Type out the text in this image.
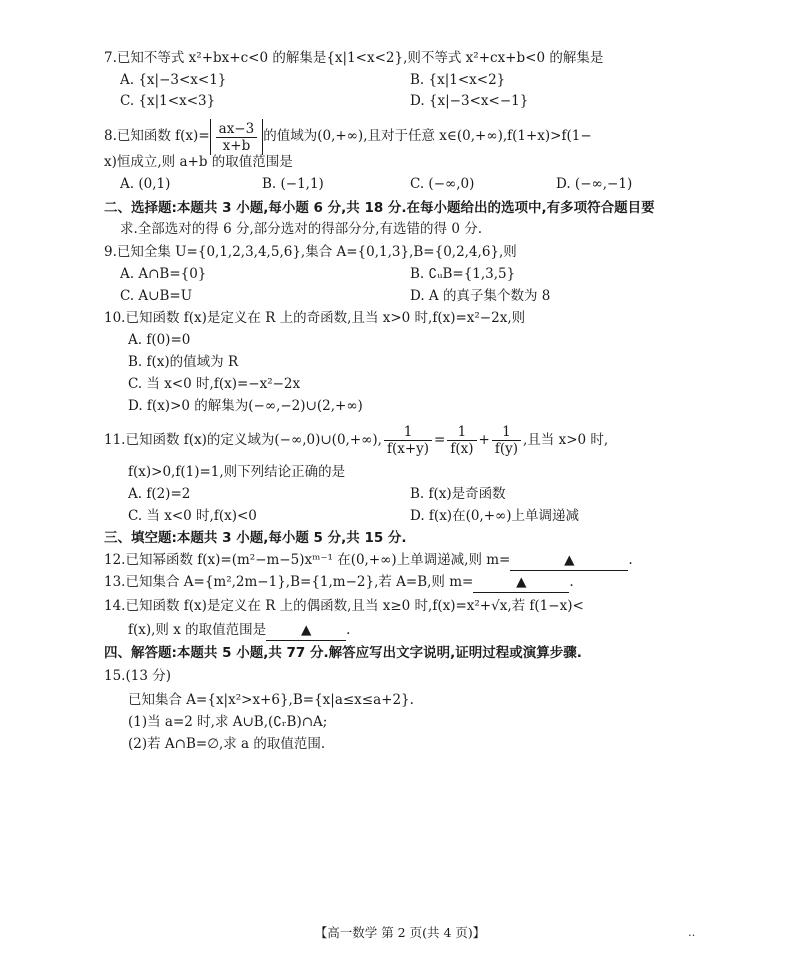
7.已知不等式 x²+bx+c<0 的解集是{x|1<x<2},则不等式 x²+cx+b<0 的解集是
A. {x|−3<x<1}	B. {x|1<x<2}
C. {x|1<x<3}	D. {x|−3<x<−1}
8.已知函数 $f(x)= \frac{ax-3}{x+b}$ 的值域为(0,+∞),且对于任意 x∈(0,+∞),f(1+x)>f(1−
x)恒成立,则 a+b 的取值范围是
A. (0,1)	B. (−1,1)	C. (−∞,0)	D. (−∞,−1)
二、选择题:本题共 3 小题,每小题 6 分,共 18 分.在每小题给出的选项中,有多项符合题目要
求.全部选对的得 6 分,部分选对的得部分分,有选错的得 0 分.
9.已知全集 U={0,1,2,3,4,5,6},集合 A={0,1,3},B={0,2,4,6},则
A. A∩B={0}	B. ∁ᵤB={1,3,5}
C. A∪B=U	D. A 的真子集个数为 8
10.已知函数 f(x)是定义在 R 上的奇函数,且当 x>0 时,f(x)=x²−2x,则
A. f(0)=0
B. f(x)的值域为 R
C. 当 x<0 时,f(x)=−x²−2x
D. f(x)>0 的解集为(−∞,−2)∪(2,+∞)
11.已知函数 f(x)的定义域为(−∞,0)∪(0,+∞), $\frac{1}{f(x+y)} = \frac{1}{f(x)} + \frac{1}{f(y)}$ ,且当 x>0 时,
f(x)>0,f(1)=1,则下列结论正确的是
A. f(2)=2	B. f(x)是奇函数
C. 当 x<0 时,f(x)<0	D. f(x)在(0,+∞)上单调递减
三、填空题:本题共 3 小题,每小题 5 分,共 15 分.
12.已知幂函数 f(x)=(m²−m−5)xᵐ⁻¹ 在(0,+∞)上单调递减,则 m=	▲	.
13.已知集合 A={m²,2m−1},B={1,m−2},若 A=B,则 m=	▲	.
14.已知函数 f(x)是定义在 R 上的偶函数,且当 x≥0 时,f(x)=x²+√x,若 f(1−x)<
f(x),则 x 的取值范围是	▲	.
四、解答题:本题共 5 小题,共 77 分.解答应写出文字说明,证明过程或演算步骤.
15.(13 分)
已知集合 A={x|x²>x+6},B={x|a≤x≤a+2}.
(1)当 a=2 时,求 A∪B,(∁ᵣB)∩A;
(2)若 A∩B=∅,求 a 的取值范围.
【高一数学 第 2 页(共 4 页)】	‥
